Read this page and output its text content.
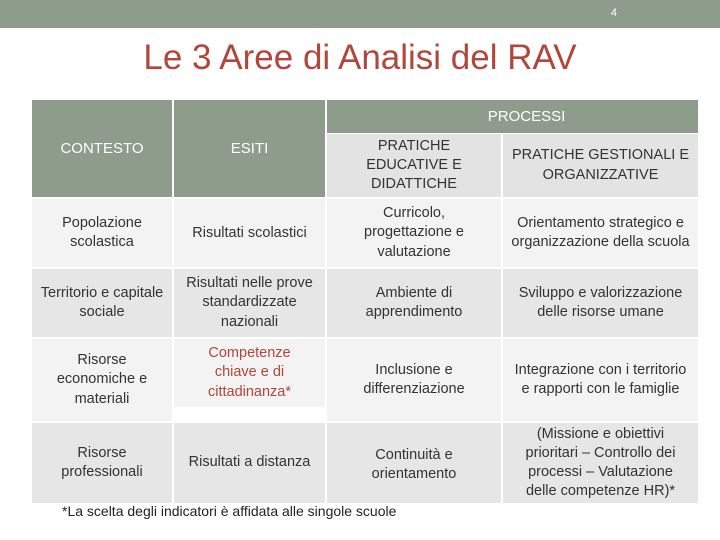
4
Le 3 Aree di Analisi del RAV
CONTESTO	ESITI
PROCESSI
PRATICHE EDUCATIVE E DIDATTICHE
PRATICHE GESTIONALI E ORGANIZZATIVE
Popolazione scolastica
Risultati scolastici
Curricolo, progettazione e valutazione
Orientamento strategico e organizzazione della scuola
Territorio e capitale sociale
Risultati nelle prove standardizzate nazionali
Ambiente di apprendimento
Sviluppo e valorizzazione delle risorse umane
Risorse economiche e materiali
Competenze chiave e di cittadinanza*
Inclusione e differenziazione
Integrazione con i territorio e rapporti con le famiglie
Risorse professionali
Risultati a distanza	Continuità e orientamento
(Missione e obiettivi prioritari – Controllo dei processi – Valutazione delle competenze HR)*
*La scelta degli indicatori è affidata alle singole scuole
